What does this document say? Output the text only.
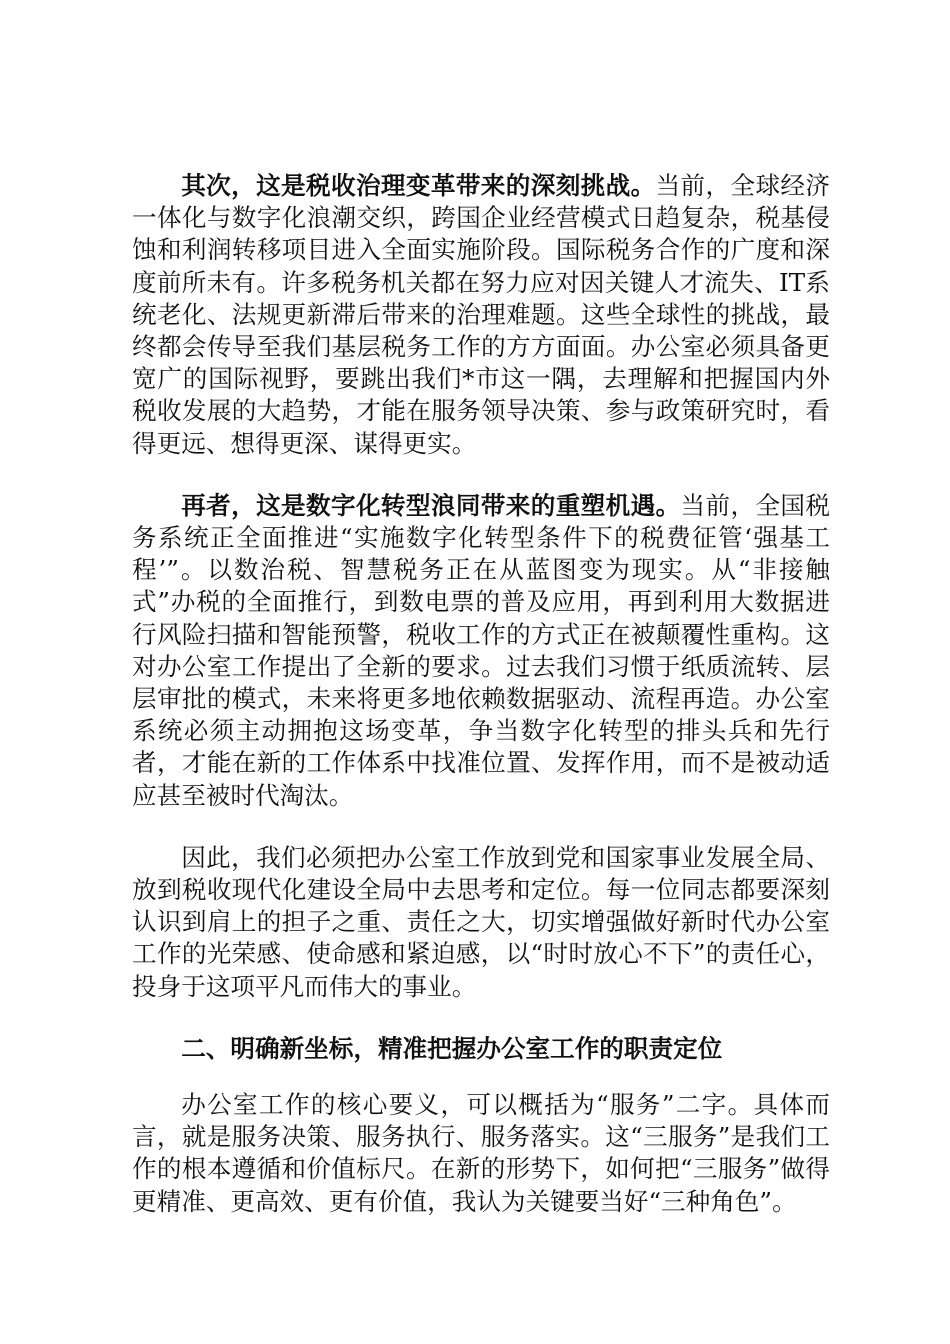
其次，这是税收治理变革带来的深刻挑战。当前，全球经济一体化与数字化浪潮交织，跨国企业经营模式日趋复杂，税基侵蚀和利润转移项目进入全面实施阶段。国际税务合作的广度和深度前所未有。许多税务机关都在努力应对因关键人才流失、IT系统老化、法规更新滞后带来的治理难题。这些全球性的挑战，最终都会传导至我们基层税务工作的方方面面。办公室必须具备更宽广的国际视野，要跳出我们*市这一隅，去理解和把握国内外税收发展的大趋势，才能在服务领导决策、参与政策研究时，看得更远、想得更深、谋得更实。

再者，这是数字化转型浪同带来的重塑机遇。当前，全国税务系统正全面推进“实施数字化转型条件下的税费征管‘强基工程’”。以数治税、智慧税务正在从蓝图变为现实。从“非接触式”办税的全面推行，到数电票的普及应用，再到利用大数据进行风险扫描和智能预警，税收工作的方式正在被颠覆性重构。这对办公室工作提出了全新的要求。过去我们习惯于纸质流转、层层审批的模式，未来将更多地依赖数据驱动、流程再造。办公室系统必须主动拥抱这场变革，争当数字化转型的排头兵和先行者，才能在新的工作体系中找准位置、发挥作用，而不是被动适应甚至被时代淘汰。

因此，我们必须把办公室工作放到党和国家事业发展全局、放到税收现代化建设全局中去思考和定位。每一位同志都要深刻认识到肩上的担子之重、责任之大，切实增强做好新时代办公室工作的光荣感、使命感和紧迫感，以“时时放心不下”的责任心，投身于这项平凡而伟大的事业。

二、明确新坐标，精准把握办公室工作的职责定位

办公室工作的核心要义，可以概括为“服务”二字。具体而言，就是服务决策、服务执行、服务落实。这“三服务”是我们工作的根本遵循和价值标尺。在新的形势下，如何把“三服务”做得更精准、更高效、更有价值，我认为关键要当好“三种角色”。
